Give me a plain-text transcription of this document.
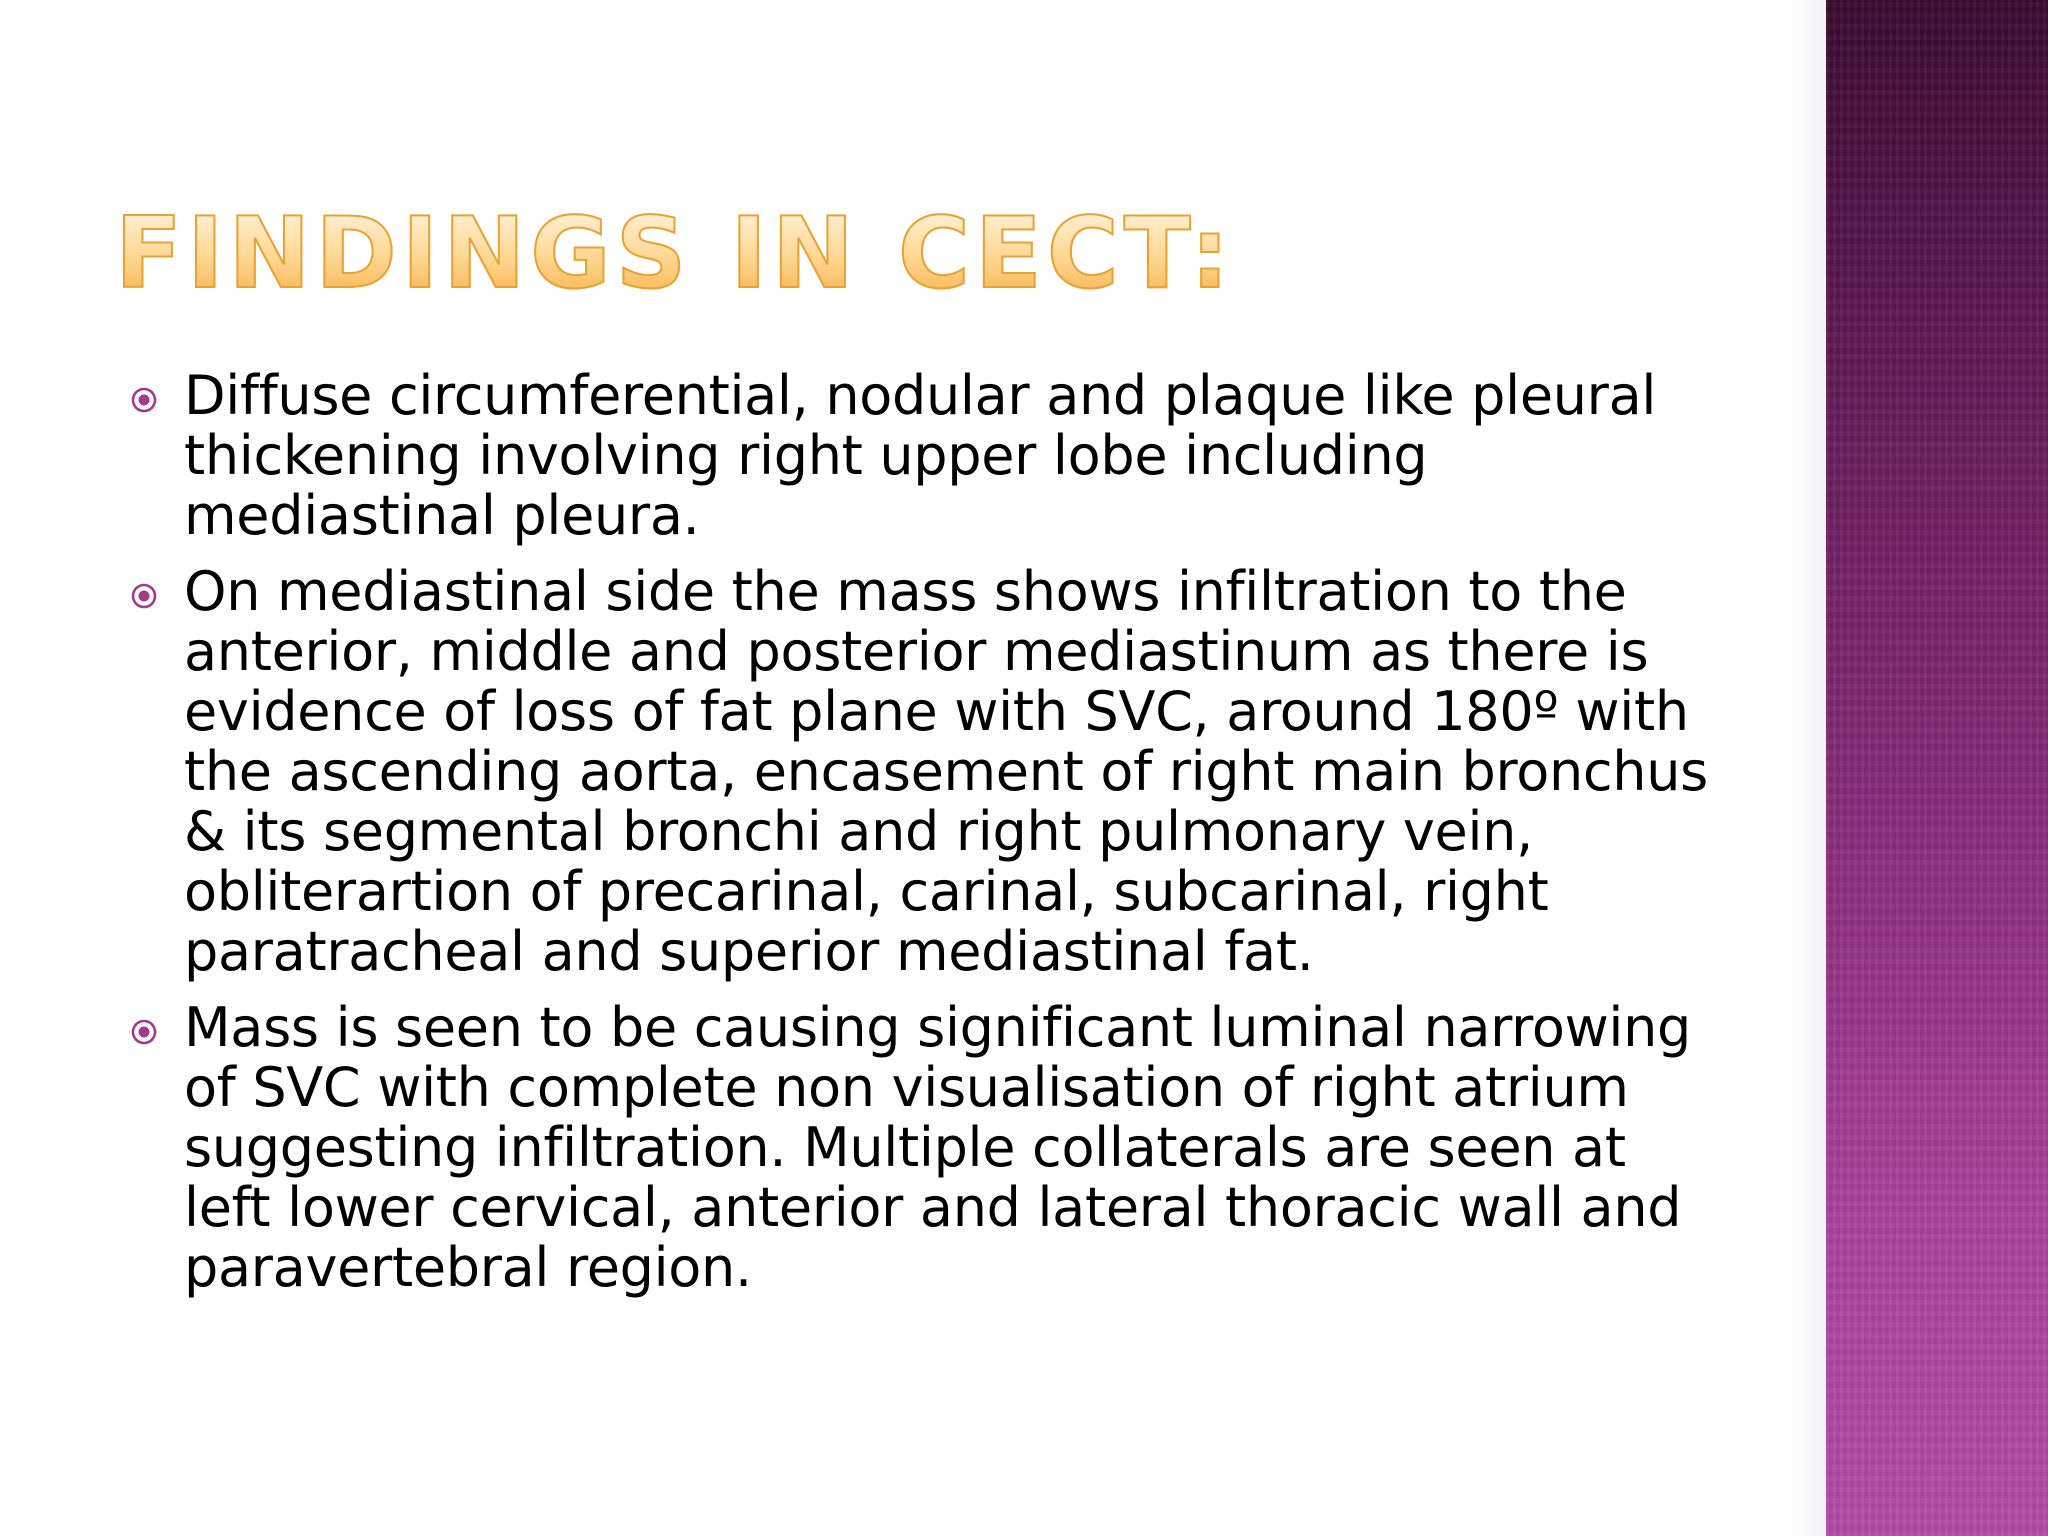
FINDINGS IN CECT:
Diffuse circumferential, nodular and plaque like pleural thickening involving right upper lobe including mediastinal pleura.
On mediastinal side the mass shows infiltration to the anterior, middle and posterior mediastinum as there is evidence of loss of fat plane with SVC, around 180º with the ascending aorta, encasement of right main bronchus & its segmental bronchi and right pulmonary vein, obliterartion of precarinal, carinal, subcarinal, right paratracheal and superior mediastinal fat.
Mass is seen to be causing significant luminal narrowing of SVC with complete non visualisation of right atrium suggesting infiltration. Multiple collaterals are seen at left lower cervical, anterior and lateral thoracic wall and paravertebral region.
